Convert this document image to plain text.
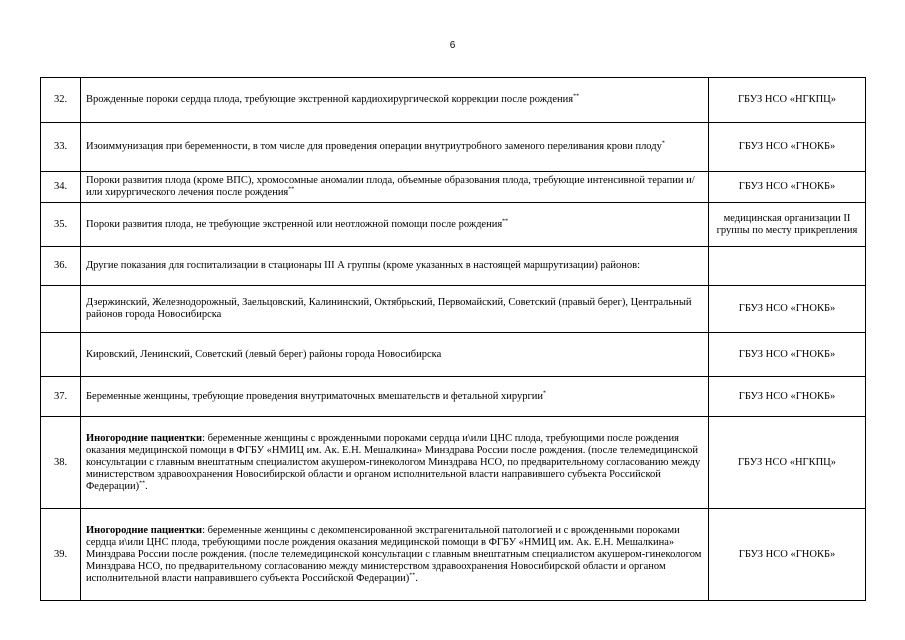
6
32.	Врожденные пороки сердца плода, требующие экстренной кардиохирургической коррекции после рождения**	ГБУЗ НСО «НГКПЦ»
33.	Изоиммунизация при беременности, в том числе для проведения операции внутриутробного заменого переливания крови плоду*	ГБУЗ НСО «ГНОКБ»
34.	Пороки развития плода (кроме ВПС), хромосомные аномалии плода, объемные образования плода, требующие интенсивной терапии и/или хирургического лечения после рождения**	ГБУЗ НСО «ГНОКБ»
35.	Пороки развития плода, не требующие экстренной или неотложной помощи после рождения**	медицинская организации II группы по месту прикрепления
36.	Другие показания для госпитализации в стационары III А группы (кроме указанных в настоящей маршрутизации) районов:	
	Дзержинский, Железнодорожный, Заельцовский, Калининский, Октябрьский, Первомайский, Советский (правый берег), Центральный районов города Новосибирска	ГБУЗ НСО «ГНОКБ»
	Кировский, Ленинский, Советский (левый берег) районы города Новосибирска	ГБУЗ НСО «ГНОКБ»
37.	Беременные женщины, требующие проведения внутриматочных вмешательств и фетальной хирургии*	ГБУЗ НСО «ГНОКБ»
38.	Иногородние пациентки: беременные женщины с врожденными пороками сердца и\или ЦНС плода, требующими после рождения оказания медицинской помощи в ФГБУ «НМИЦ им. Ак. Е.Н. Мешалкина» Минздрава России после рождения. (после телемедицинской консультации с главным внештатным специалистом акушером-гинекологом Минздрава НСО, по предварительному согласованию между министерством здравоохранения Новосибирской области и органом исполнительной власти направившего субъекта Российской Федерации)**.	ГБУЗ НСО «НГКПЦ»
39.	Иногородние пациентки: беременные женщины с декомпенсированной экстрагенитальной патологией и с врожденными пороками сердца и\или ЦНС плода, требующими после рождения оказания медицинской помощи в ФГБУ «НМИЦ им. Ак. Е.Н. Мешалкина» Минздрава России после рождения. (после телемедицинской консультации с главным внештатным специалистом акушером-гинекологом Минздрава НСО, по предварительному согласованию между министерством здравоохранения Новосибирской области и органом исполнительной власти направившего субъекта Российской Федерации)**.	ГБУЗ НСО «ГНОКБ»
